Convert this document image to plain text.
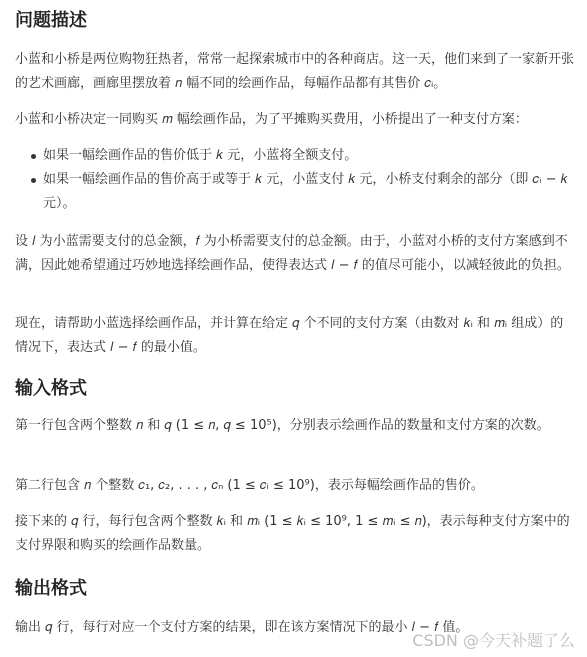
问题描述

小蓝和小桥是两位购物狂热者，常常一起探索城市中的各种商店。这一天，他们来到了一家新开张的艺术画廊，画廊里摆放着 𝑛 幅不同的绘画作品，每幅作品都有其售价 𝑐ᵢ。

小蓝和小桥决定一同购买 𝑚 幅绘画作品，为了平摊购买费用，小桥提出了一种支付方案：

如果一幅绘画作品的售价低于 𝑘 元，小蓝将全额支付。
如果一幅绘画作品的售价高于或等于 𝑘 元，小蓝支付 𝑘 元，小桥支付剩余的部分（即 𝑐ᵢ − 𝑘 元）。

设 𝑙 为小蓝需要支付的总金额，𝑓 为小桥需要支付的总金额。由于，小蓝对小桥的支付方案感到不满，因此她希望通过巧妙地选择绘画作品，使得表达式 𝑙 − 𝑓 的值尽可能小，以减轻彼此的负担。

现在，请帮助小蓝选择绘画作品，并计算在给定 𝑞 个不同的支付方案（由数对 𝑘ᵢ 和 𝑚ᵢ 组成）的情况下，表达式 𝑙 − 𝑓 的最小值。

输入格式

第一行包含两个整数 𝑛 和 𝑞 (1 ≤ 𝑛, 𝑞 ≤ 10⁵)，分别表示绘画作品的数量和支付方案的次数。

第二行包含 𝑛 个整数 𝑐₁, 𝑐₂, . . . , 𝑐ₙ (1 ≤ 𝑐ᵢ ≤ 10⁹)，表示每幅绘画作品的售价。

接下来的 𝑞 行，每行包含两个整数 𝑘ᵢ 和 𝑚ᵢ (1 ≤ 𝑘ᵢ ≤ 10⁹, 1 ≤ 𝑚ᵢ ≤ 𝑛)，表示每种支付方案中的支付界限和购买的绘画作品数量。

输出格式

输出 𝑞 行，每行对应一个支付方案的结果，即在该方案情况下的最小 𝑙 − 𝑓 值。

CSDN @今天补题了么
